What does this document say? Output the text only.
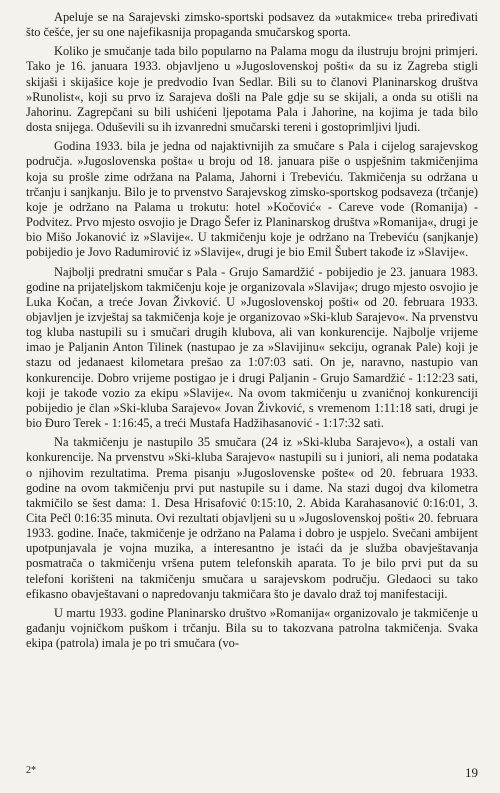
Apeluje se na Sarajevski zimsko-sportski podsavez da »utakmice« treba priređivati što češće, jer su one najefikasnija propaganda smučarskog sporta.

Koliko je smučanje tada bilo popularno na Palama mogu da ilustruju brojni primjeri. Tako je 16. januara 1933. objavljeno u »Jugoslovenskoj pošti« da su iz Zagreba stigli skijaši i skijašice koje je predvodio Ivan Sedlar. Bili su to članovi Planinarskog društva »Runolist«, koji su prvo iz Sarajeva došli na Pale gdje su se skijali, a onda su otišli na Jahorinu. Zagrepčani su bili ushićeni ljepotama Pala i Jahorine, na kojima je tada bilo dosta snijega. Oduševili su ih izvanredni smučarski tereni i gostoprimljivi ljudi.

Godina 1933. bila je jedna od najaktivnijih za smučare s Pala i cijelog sarajevskog područja. »Jugoslovenska pošta« u broju od 18. januara piše o uspješnim takmičenjima koja su prošle zime održana na Palama, Jahorni i Trebeviću. Takmičenja su održana u trčanju i sanjkanju. Bilo je to prvenstvo Sarajevskog zimsko-sportskog podsaveza (trčanje) koje je održano na Palama u trokutu: hotel »Kočović« - Careve vode (Romanija) - Podvitez. Prvo mjesto osvojio je Drago Šefer iz Planinarskog društva »Romanija«, drugi je bio Mišo Jokanović iz »Slavije«. U takmičenju koje je održano na Trebeviću (sanjkanje) pobijedio je Jovo Radumirović iz »Slavije«, drugi je bio Emil Šubert takođe iz »Slavije«.

Najbolji predratni smučar s Pala - Grujo Samardžić - pobijedio je 23. januara 1983. godine na prijateljskom takmičenju koje je organizovala »Slavija«; drugo mjesto osvojio je Luka Kočan, a treće Jovan Živković. U »Jugoslovenskoj pošti« od 20. februara 1933. objavljen je izvještaj sa takmičenja koje je organizovao »Ski-klub Sarajevo«. Na prvenstvu tog kluba nastupili su i smučari drugih klubova, ali van konkurencije. Najbolje vrijeme imao je Paljanin Anton Tilinek (nastupao je za »Slavijinu« sekciju, ogranak Pale) koji je stazu od jedanaest kilometara prešao za 1:07:03 sati. On je, naravno, nastupio van konkurencije. Dobro vrijeme postigao je i drugi Paljanin - Grujo Samardžić - 1:12:23 sati, koji je takođe vozio za ekipu »Slavije«. Na ovom takmičenju u zvaničnoj konkurenciji pobijedio je član »Ski-kluba Sarajevo« Jovan Živković, s vremenom 1:11:18 sati, drugi je bio Đuro Terek - 1:16:45, a treći Mustafa Hadžihasanović - 1:17:32 sati.

Na takmičenju je nastupilo 35 smučara (24 iz »Ski-kluba Sarajevo«), a ostali van konkurencije. Na prvenstvu »Ski-kluba Sarajevo« nastupili su i juniori, ali nema podataka o njihovim rezultatima. Prema pisanju »Jugoslovenske pošte« od 20. februara 1933. godine na ovom takmičenju prvi put nastupile su i dame. Na stazi dugoj dva kilometra takmičilo se šest dama: 1. Desa Hrisafović 0:15:10, 2. Abida Karahasanović 0:16:01, 3. Cita Pečl 0:16:35 minuta. Ovi rezultati objavljeni su u »Jugoslovenskoj pošti« 20. februara 1933. godine. Inače, takmičenje je održano na Palama i dobro je uspjelo. Svečani ambijent upotpunjavala je vojna muzika, a interesantno je istaći da je služba obavještavanja posmatrača o takmičenju vršena putem telefonskih aparata. To je bilo prvi put da su telefoni korišteni na takmičenju smučara u sarajevskom području. Gledaoci su tako efikasno obavještavani o napredovanju takmičara što je davalo draž toj manifestaciji.

U martu 1933. godine Planinarsko društvo »Romanija« organizovalo je takmičenje u gađanju vojničkom puškom i trčanju. Bila su to takozvana patrolna takmičenja. Svaka ekipa (patrola) imala je po tri smučara (vo-

2*	19
